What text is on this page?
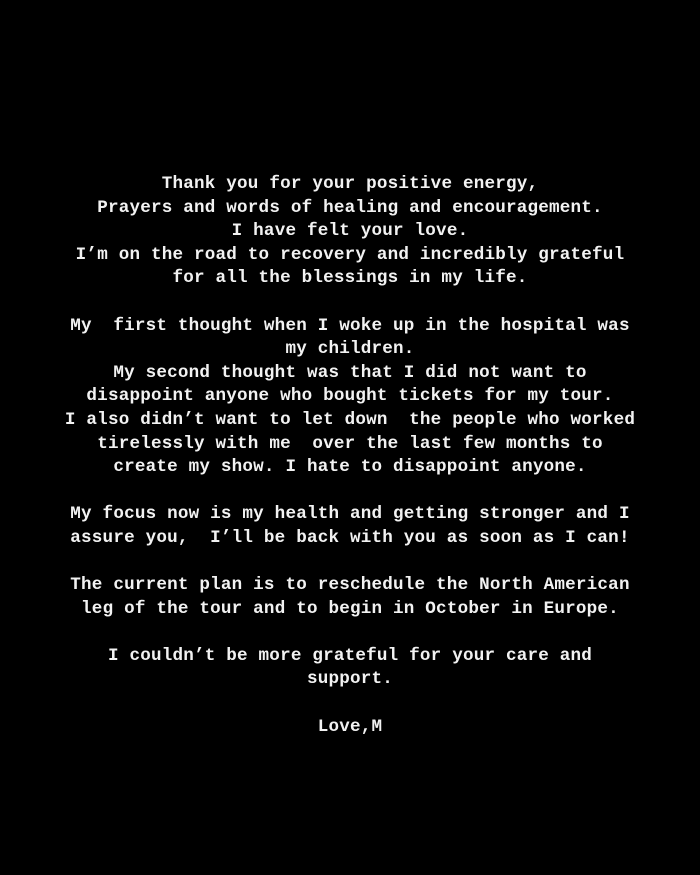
Thank you for your positive energy,
Prayers and words of healing and encouragement.
I have felt your love.
I’m on the road to recovery and incredibly grateful
for all the blessings in my life.
My  first thought when I woke up in the hospital was
my children.
My second thought was that I did not want to
disappoint anyone who bought tickets for my tour.
I also didn’t want to let down  the people who worked
tirelessly with me  over the last few months to
create my show. I hate to disappoint anyone.
My focus now is my health and getting stronger and I
assure you,  I’ll be back with you as soon as I can!
The current plan is to reschedule the North American
leg of the tour and to begin in October in Europe.
I couldn’t be more grateful for your care and
support.
Love,M
